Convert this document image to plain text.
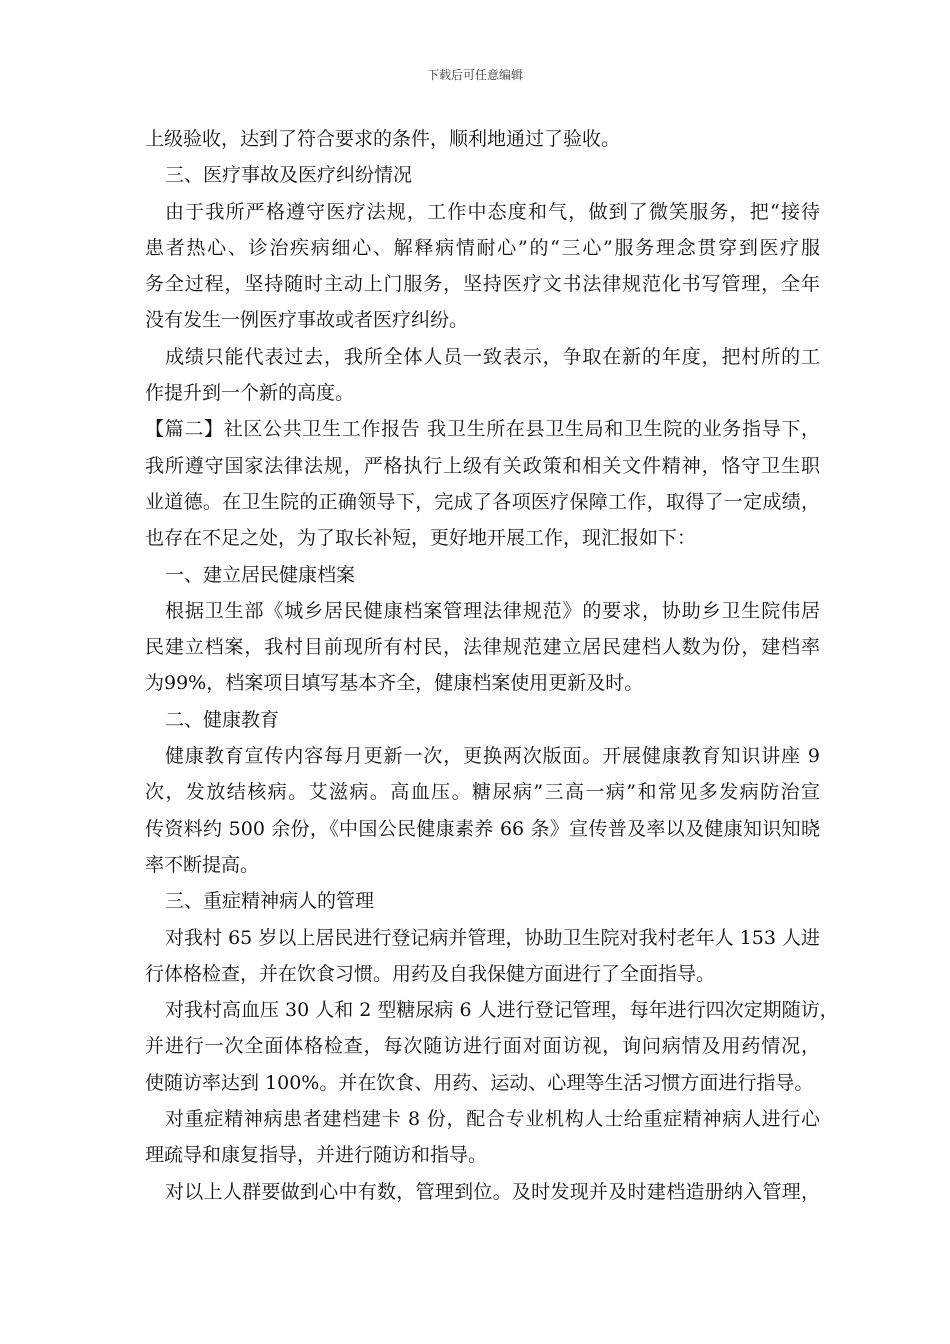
下载后可任意编辑
上级验收，达到了符合要求的条件，顺利地通过了验收。
三、医疗事故及医疗纠纷情况
由于我所严格遵守医疗法规，工作中态度和气，做到了微笑服务，把“接待
患者热心、诊治疾病细心、解释病情耐心”的“三心”服务理念贯穿到医疗服
务全过程，坚持随时主动上门服务，坚持医疗文书法律规范化书写管理，全年
没有发生一例医疗事故或者医疗纠纷。
成绩只能代表过去，我所全体人员一致表示，争取在新的年度，把村所的工
作提升到一个新的高度。
【篇二】社区公共卫生工作报告 我卫生所在县卫生局和卫生院的业务指导下，
我所遵守国家法律法规，严格执行上级有关政策和相关文件精神，恪守卫生职
业道德。在卫生院的正确领导下，完成了各项医疗保障工作，取得了一定成绩，
也存在不足之处，为了取长补短，更好地开展工作，现汇报如下：
一、建立居民健康档案
根据卫生部《城乡居民健康档案管理法律规范》的要求，协助乡卫生院伟居
民建立档案，我村目前现所有村民，法律规范建立居民建档人数为份，建档率
为99%，档案项目填写基本齐全，健康档案使用更新及时。
二、健康教育
健康教育宣传内容每月更新一次，更换两次版面。开展健康教育知识讲座 9
次，发放结核病。艾滋病。高血压。糖尿病”三高一病”和常见多发病防治宣
传资料约 500 余份，《中国公民健康素养 66 条》宣传普及率以及健康知识知晓
率不断提高。
三、重症精神病人的管理
对我村 65 岁以上居民进行登记病并管理，协助卫生院对我村老年人 153 人进
行体格检查，并在饮食习惯。用药及自我保健方面进行了全面指导。
对我村高血压 30 人和 2 型糖尿病 6 人进行登记管理，每年进行四次定期随访，
并进行一次全面体格检查，每次随访进行面对面访视，询问病情及用药情况，
使随访率达到 100%。并在饮食、用药、运动、心理等生活习惯方面进行指导。
对重症精神病患者建档建卡 8 份，配合专业机构人士给重症精神病人进行心
理疏导和康复指导，并进行随访和指导。
对以上人群要做到心中有数，管理到位。及时发现并及时建档造册纳入管理，
